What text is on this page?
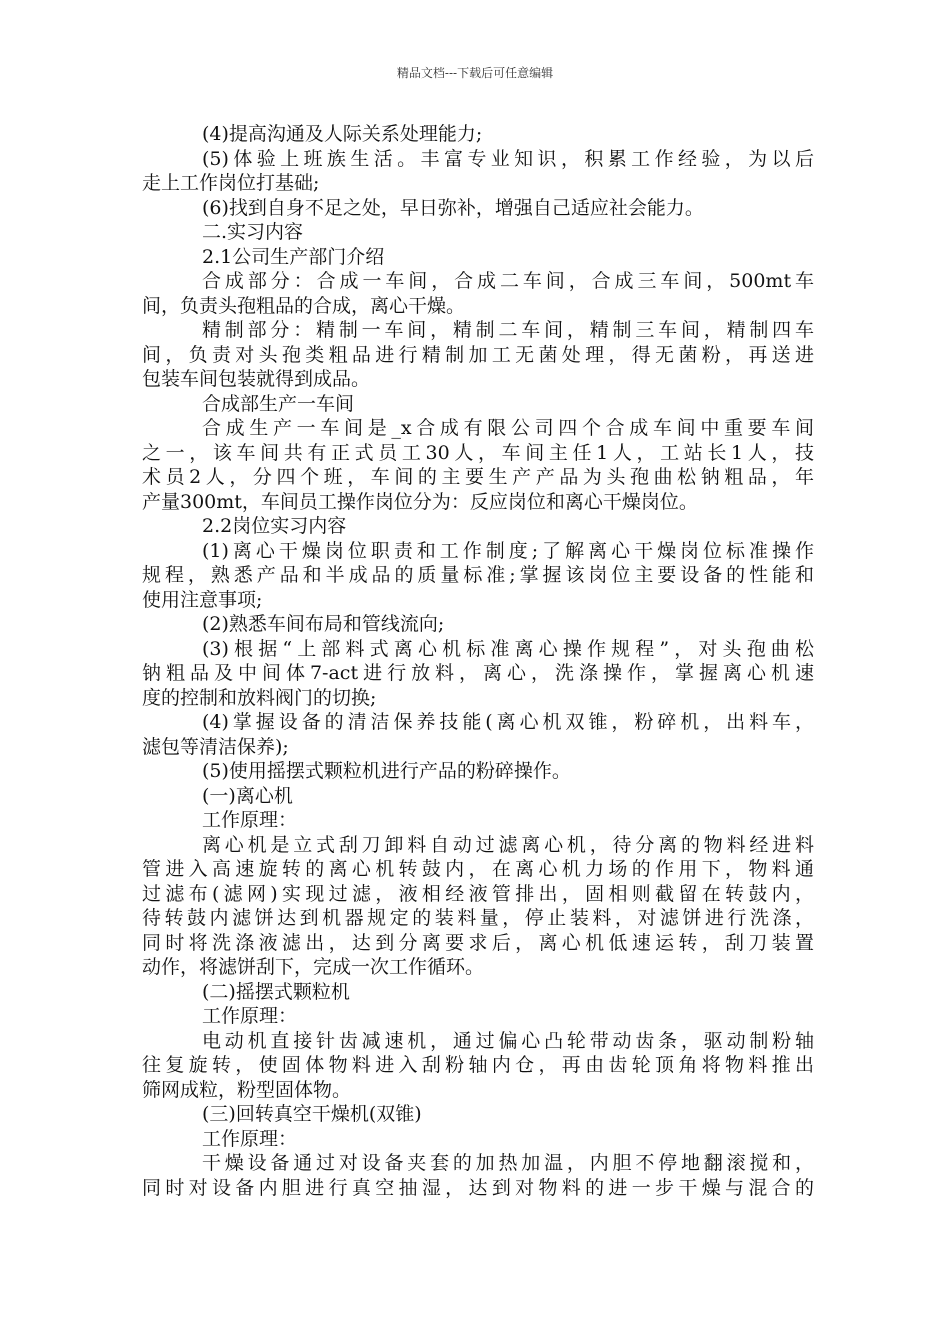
精品文档---下载后可任意编辑
(4)提高沟通及人际关系处理能力;
(5)体验上班族生活。丰富专业知识，积累工作经验，为以后
走上工作岗位打基础;
(6)找到自身不足之处，早日弥补，增强自己适应社会能力。
二.实习内容
2.1公司生产部门介绍
合成部分：合成一车间，合成二车间，合成三车间，500mt车
间，负责头孢粗品的合成，离心干燥。
精制部分：精制一车间，精制二车间，精制三车间，精制四车
间，负责对头孢类粗品进行精制加工无菌处理，得无菌粉，再送进
包装车间包装就得到成品。
合成部生产一车间
合成生产一车间是_x合成有限公司四个合成车间中重要车间
之一，该车间共有正式员工30人，车间主任1人，工站长1人，技
术员2人，分四个班，车间的主要生产产品为头孢曲松钠粗品，年
产量300mt，车间员工操作岗位分为：反应岗位和离心干燥岗位。
2.2岗位实习内容
(1)离心干燥岗位职责和工作制度;了解离心干燥岗位标准操作
规程，熟悉产品和半成品的质量标准;掌握该岗位主要设备的性能和
使用注意事项;
(2)熟悉车间布局和管线流向;
(3)根据“上部料式离心机标准离心操作规程”，对头孢曲松
钠粗品及中间体7-act进行放料，离心，洗涤操作，掌握离心机速
度的控制和放料阀门的切换;
(4)掌握设备的清洁保养技能(离心机双锥，粉碎机，出料车，
滤包等清洁保养);
(5)使用摇摆式颗粒机进行产品的粉碎操作。
(一)离心机
工作原理：
离心机是立式刮刀卸料自动过滤离心机，待分离的物料经进料
管进入高速旋转的离心机转鼓内，在离心机力场的作用下，物料通
过滤布(滤网)实现过滤，液相经液管排出，固相则截留在转鼓内，
待转鼓内滤饼达到机器规定的装料量，停止装料，对滤饼进行洗涤，
同时将洗涤液滤出，达到分离要求后，离心机低速运转，刮刀装置
动作，将滤饼刮下，完成一次工作循环。
(二)摇摆式颗粒机
工作原理：
电动机直接针齿减速机，通过偏心凸轮带动齿条，驱动制粉轴
往复旋转，使固体物料进入刮粉轴内仓，再由齿轮顶角将物料推出
筛网成粒，粉型固体物。
(三)回转真空干燥机(双锥)
工作原理：
干燥设备通过对设备夹套的加热加温，内胆不停地翻滚搅和，
同时对设备内胆进行真空抽湿，达到对物料的进一步干燥与混合的
